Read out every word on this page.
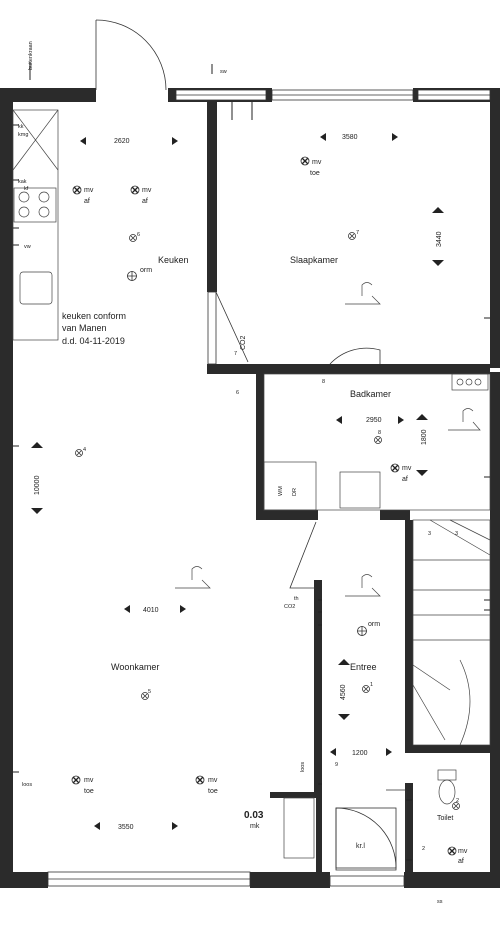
kk
kmg
kak
kf
vw
Keuken	Slaapkamer
Badkamer
Woonkamer	Entree
Toilet
keuken conform
van Manen
d.d. 04-11-2019
2620
3580
3440
2950
1800
10000
4010
3550
4560
1200
mv
af
mv
af
mv
toe
mv
af
mv
toe
mv
toe
mv
af
6	7
4
8
5
1
2
orm
orm
WM DR
2
0.03
mk
kr.l
buitenkraan
sw
CO2
th
CO2
loos
loos
ss
7
6
8
9
3	3
